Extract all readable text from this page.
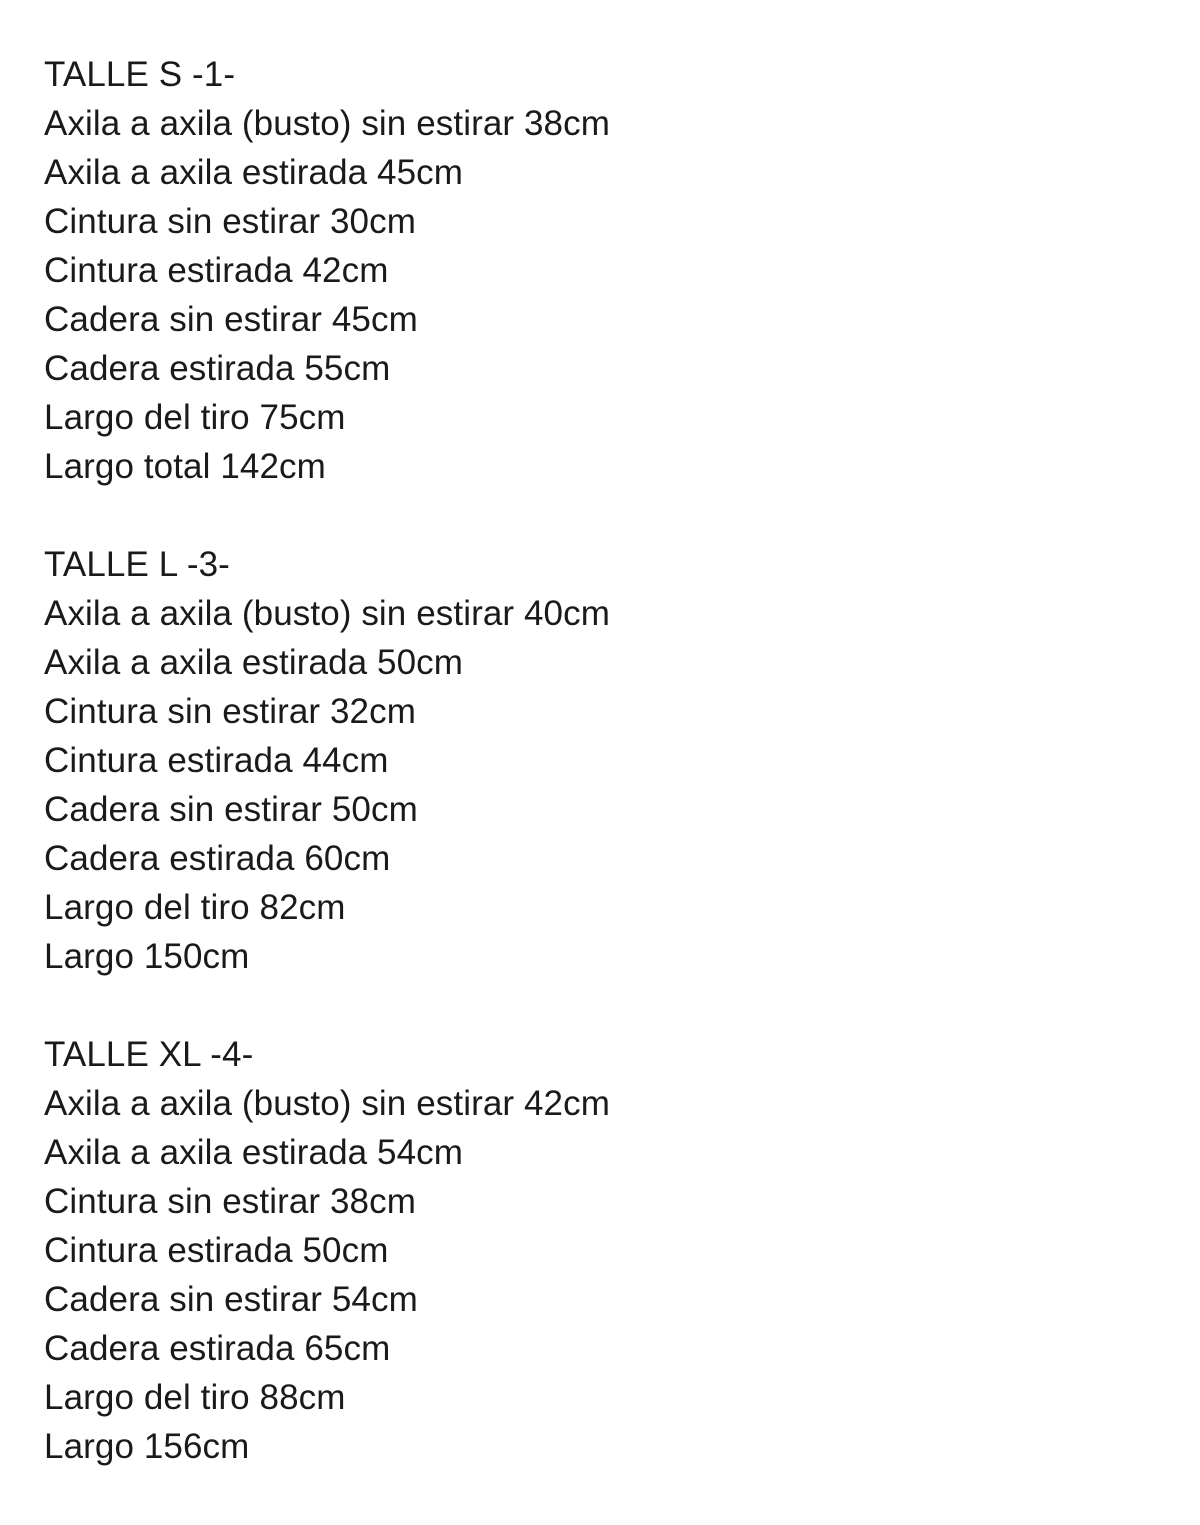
TALLE S -1-

Axila a axila (busto) sin estirar 38cm

Axila a axila estirada 45cm

Cintura sin estirar 30cm

Cintura estirada 42cm

Cadera sin estirar 45cm

Cadera estirada 55cm

Largo del tiro 75cm

Largo total 142cm

TALLE L -3-

Axila a axila (busto) sin estirar 40cm

Axila a axila estirada 50cm

Cintura sin estirar 32cm

Cintura estirada 44cm

Cadera sin estirar 50cm

Cadera estirada 60cm

Largo del tiro 82cm

Largo 150cm

TALLE XL -4-

Axila a axila (busto) sin estirar 42cm

Axila a axila estirada 54cm

Cintura sin estirar 38cm

Cintura estirada 50cm

Cadera sin estirar 54cm

Cadera estirada 65cm

Largo del tiro 88cm

Largo 156cm
